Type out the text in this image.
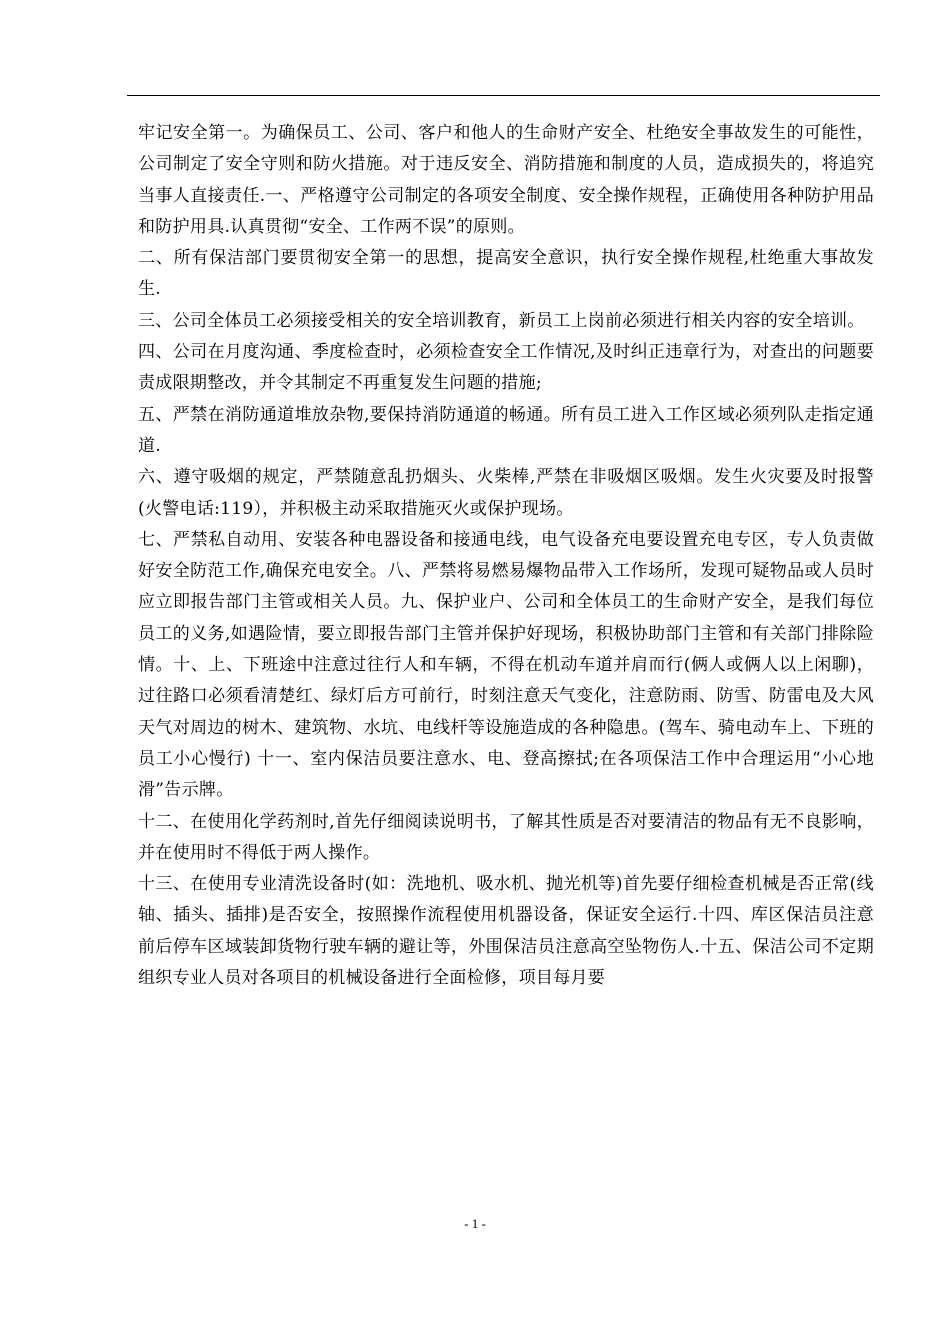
牢记安全第一。为确保员工、公司、客户和他人的生命财产安全、杜绝安全事故发生的可能性，公司制定了安全守则和防火措施。对于违反安全、消防措施和制度的人员，造成损失的，将追究当事人直接责任.一、严格遵守公司制定的各项安全制度、安全操作规程，正确使用各种防护用品和防护用具.认真贯彻“安全、工作两不误”的原则。

二、所有保洁部门要贯彻安全第一的思想，提高安全意识，执行安全操作规程,杜绝重大事故发生.

三、公司全体员工必须接受相关的安全培训教育，新员工上岗前必须进行相关内容的安全培训。

四、公司在月度沟通、季度检查时，必须检查安全工作情况,及时纠正违章行为，对查出的问题要责成限期整改，并令其制定不再重复发生问题的措施;

五、严禁在消防通道堆放杂物,要保持消防通道的畅通。所有员工进入工作区域必须列队走指定通道.

六、遵守吸烟的规定，严禁随意乱扔烟头、火柴棒,严禁在非吸烟区吸烟。发生火灾要及时报警(火警电话:119），并积极主动采取措施灭火或保护现场。

七、严禁私自动用、安装各种电器设备和接通电线，电气设备充电要设置充电专区，专人负责做好安全防范工作,确保充电安全。八、严禁将易燃易爆物品带入工作场所，发现可疑物品或人员时应立即报告部门主管或相关人员。九、保护业户、公司和全体员工的生命财产安全，是我们每位员工的义务,如遇险情，要立即报告部门主管并保护好现场，积极协助部门主管和有关部门排除险情。十、上、下班途中注意过往行人和车辆，不得在机动车道并肩而行(俩人或俩人以上闲聊)，过往路口必须看清楚红、绿灯后方可前行，时刻注意天气变化，注意防雨、防雪、防雷电及大风天气对周边的树木、建筑物、水坑、电线杆等设施造成的各种隐患。(驾车、骑电动车上、下班的员工小心慢行) 十一、室内保洁员要注意水、电、登高擦拭;在各项保洁工作中合理运用“小心地滑”告示牌。

十二、在使用化学药剂时,首先仔细阅读说明书，了解其性质是否对要清洁的物品有无不良影响，并在使用时不得低于两人操作。

十三、在使用专业清洗设备时(如：洗地机、吸水机、抛光机等)首先要仔细检查机械是否正常(线轴、插头、插排)是否安全，按照操作流程使用机器设备，保证安全运行.十四、库区保洁员注意前后停车区域装卸货物行驶车辆的避让等，外围保洁员注意高空坠物伤人.十五、保洁公司不定期组织专业人员对各项目的机械设备进行全面检修，项目每月要

- 1 -
